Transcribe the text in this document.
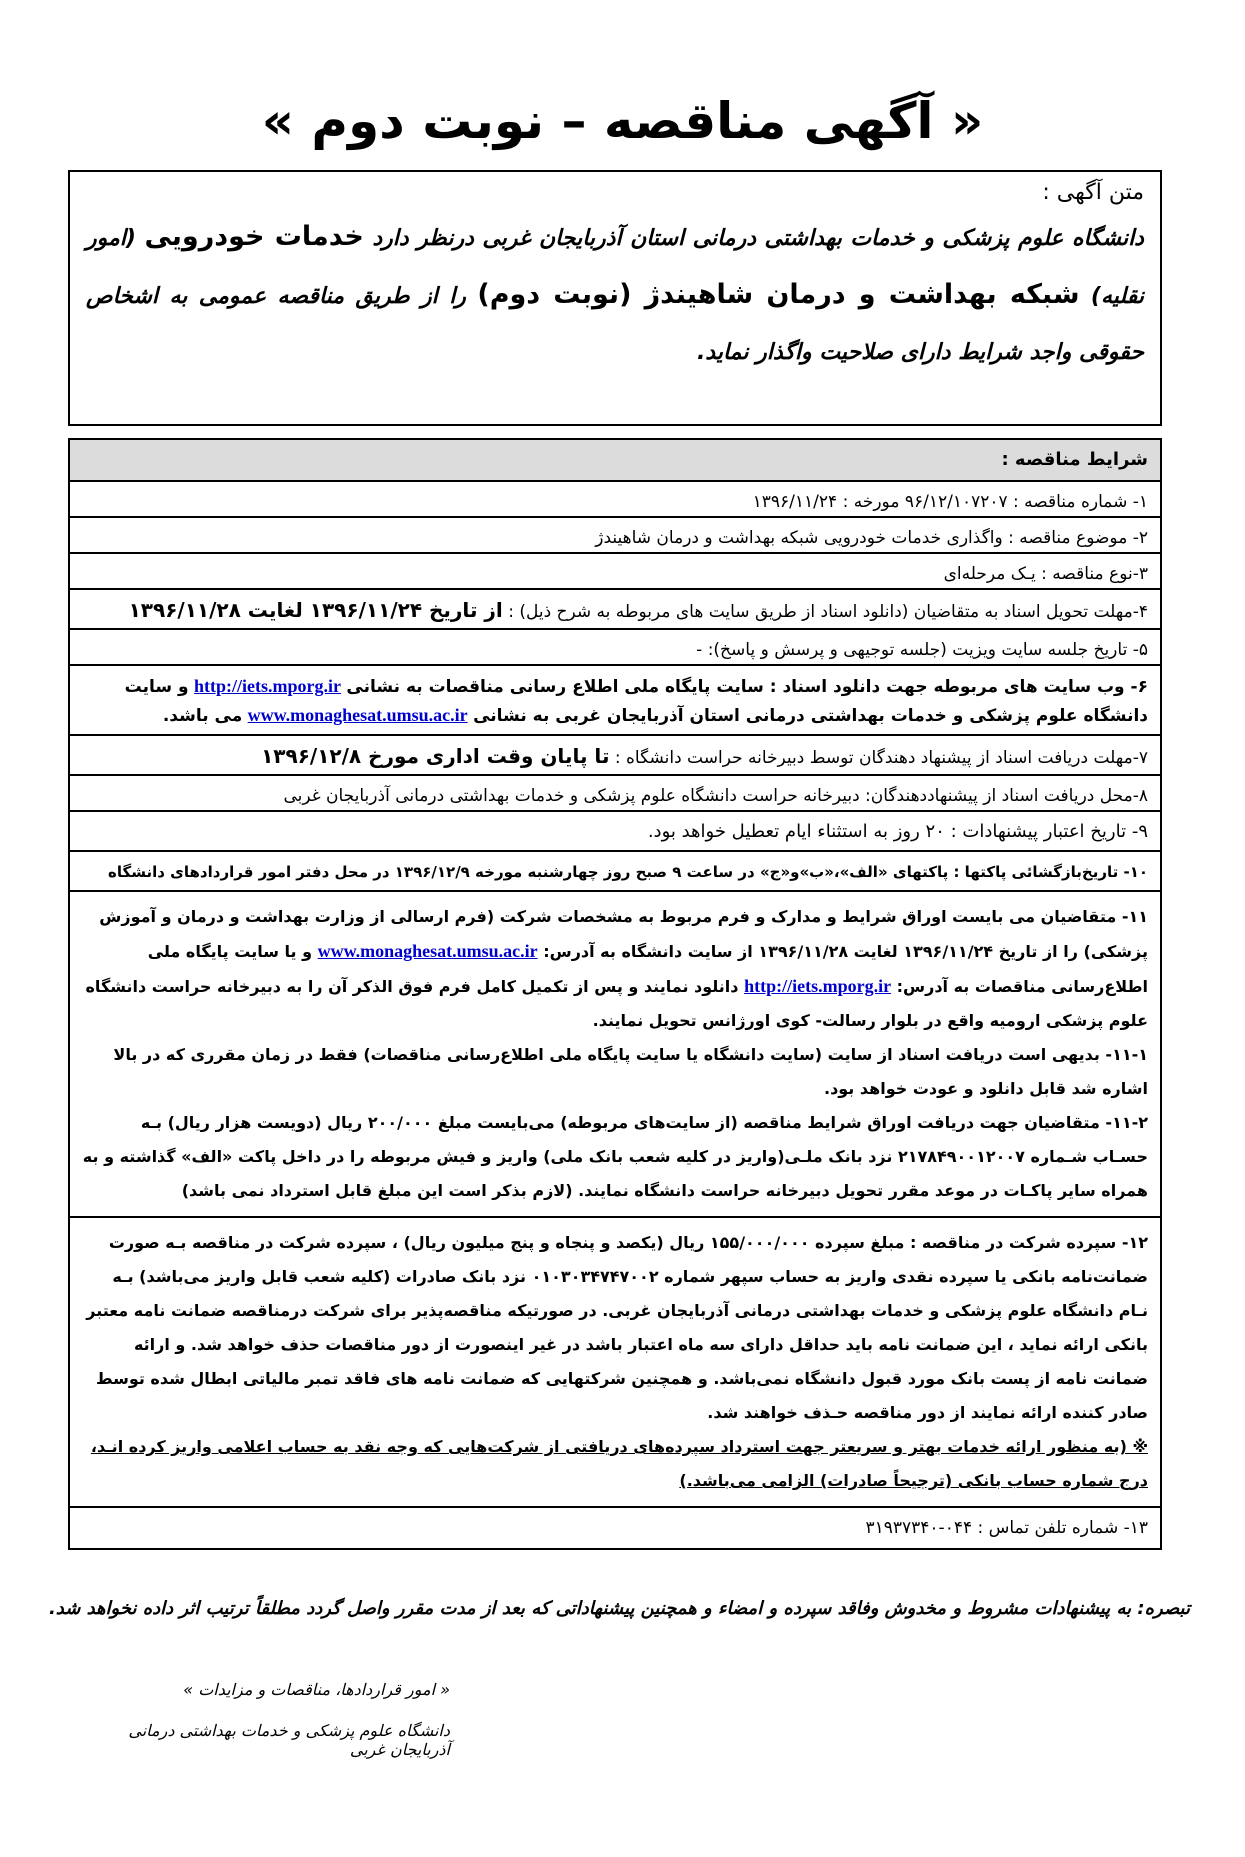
« آگهی مناقصه – نوبت دوم »
متن آگهی :
دانشگاه علوم پزشکی و خدمات بهداشتی درمانی استان آذربایجان غربی درنظر دارد خدمات خودرویی (امور نقلیه) شبکه بهداشت و درمان شاهیندژ (نوبت دوم) را از طریق مناقصه عمومی به اشخاص حقوقی واجد شرایط دارای صلاحیت واگذار نماید.
شرایط مناقصه :
۱- شماره مناقصه : ۹۶/۱۲/۱۰۷۲۰۷ مورخه : ۱۳۹۶/۱۱/۲۴
۲- موضوع مناقصه : واگذاری خدمات خودرویی شبکه بهداشت و درمان شاهیندژ
۳-نوع مناقصه : یـک مرحله‌ای
۴-مهلت تحویل اسناد به متقاضیان (دانلود اسناد از طریق سایت های مربوطه به شرح ذیل) : از تاریخ ۱۳۹۶/۱۱/۲۴ لغایت ۱۳۹۶/۱۱/۲۸
۵- تاریخ جلسه سایت ویزیت (جلسه توجیهی و پرسش و پاسخ): -
۶- وب سایت های مربوطه جهت دانلود اسناد : سایت پایگاه ملی اطلاع رسانی مناقصات به نشانی http://iets.mporg.ir و سایت دانشگاه علوم پزشکی و خدمات بهداشتی درمانی استان آذربایجان غربی به نشانی www.monaghesat.umsu.ac.ir می باشد.
۷-مهلت دریافت اسناد از پیشنهاد دهندگان توسط دبیرخانه حراست دانشگاه : تا پایان وقت اداری مورخ ۱۳۹۶/۱۲/۸
۸-محل دریافت اسناد از پیشنهاددهندگان: دبیرخانه حراست دانشگاه علوم پزشکی و خدمات بهداشتی درمانی آذربایجان غربی
۹- تاریخ اعتبار پیشنهادات : ۲۰ روز به استثناء ایام تعطیل خواهد بود.
۱۰- تاریخ‌بازگشائی پاکتها : پاکتهای «الف»،«ب»و«ج» در ساعت ۹ صبح روز چهارشنبه مورخه ۱۳۹۶/۱۲/۹ در محل دفتر امور قراردادهای دانشگاه
۱۱- متقاضیان می بایست اوراق شرایط و مدارک و فرم مربوط به مشخصات شرکت (فرم ارسالی از وزارت بهداشت و درمان و آموزش پزشکی) را از تاریخ ۱۳۹۶/۱۱/۲۴ لغایت ۱۳۹۶/۱۱/۲۸ از سایت دانشگاه به آدرس: www.monaghesat.umsu.ac.ir و یا سایت پایگاه ملی اطلاع‌رسانی مناقصات به آدرس: http://iets.mporg.ir دانلود نمایند و پس از تکمیل کامل فرم فوق الذکر آن را به دبیرخانه حراست دانشگاه علوم پزشکی ارومیه واقع در بلوار رسالت- کوی اورژانس تحویل نمایند.
۱۱-۱- بدیهی است دریافت اسناد از سایت (سایت دانشگاه یا سایت پایگاه ملی اطلاع‌رسانی مناقصات) فقط در زمان مقرری که در بالا اشاره شد قابل دانلود و عودت خواهد بود.
۱۱-۲- متقاضیان جهت دریافت اوراق شرایط مناقصه (از سایت‌های مربوطه) می‌بایست مبلغ ۲۰۰/۰۰۰ ریال (دویست هزار ریال) بـه حسـاب شـماره ۲۱۷۸۴۹۰۰۱۲۰۰۷ نزد بانک ملـی(واریز در کلیه شعب بانک ملی) واریز و فیش مربوطه را در داخل پاکت «الف» گذاشته و به همراه سایر پاکـات در موعد مقرر تحویل دبیرخانه حراست دانشگاه نمایند. (لازم بذکر است این مبلغ قابل استرداد نمی باشد)
۱۲- سپرده شرکت در مناقصه : مبلغ سپرده ۱۵۵/۰۰۰/۰۰۰ ریال (یکصد و پنجاه و پنج میلیون ریال) ، سپرده شرکت در مناقصه بـه صورت ضمانت‌نامه بانکی یا سپرده نقدی واریز به حساب سپهر شماره ۰۱۰۳۰۳۴۷۴۷۰۰۲ نزد بانک صادرات (کلیه شعب قابل واریز می‌باشد) بـه نـام دانشگاه علوم پزشکی و خدمات بهداشتی درمانی آذربایجان غربی. در صورتیکه مناقصه‌پذیر برای شرکت درمناقصه ضمانت نامه معتبر بانکی ارائه نماید ، این ضمانت نامه باید حداقل دارای سه ماه اعتبار باشد در غیر اینصورت از دور مناقصات حذف خواهد شد. و ارائه ضمانت نامه از پست بانک مورد قبول دانشگاه نمی‌باشد. و همچنین شرکتهایی که ضمانت نامه های فاقد تمبر مالیاتی ابطال شده توسط صادر کننده ارائه نمایند از دور مناقصه حـذف خواهند شد.
※ (به منظور ارائه خدمات بهتر و سریعتر جهت استرداد سپرده‌های دریافتی از شرکت‌هایی که وجه نقد به حساب اعلامی واریز کرده انـد، درج شماره حساب بانکی (ترجیحاً صادرات) الزامی می‌باشد.)
۱۳- شماره تلفن تماس : ۰۴۴-۳۱۹۳۷۳۴۰
تبصره: به پیشنهادات مشروط و مخدوش وفاقد سپرده و امضاء و همچنین پیشنهاداتی که بعد از مدت مقرر واصل گردد مطلقاً ترتیب اثر داده نخواهد شد.
« امور قراردادها، مناقصات و مزایدات »
دانشگاه علوم پزشکی و خدمات بهداشتی درمانی آذربایجان غربی
